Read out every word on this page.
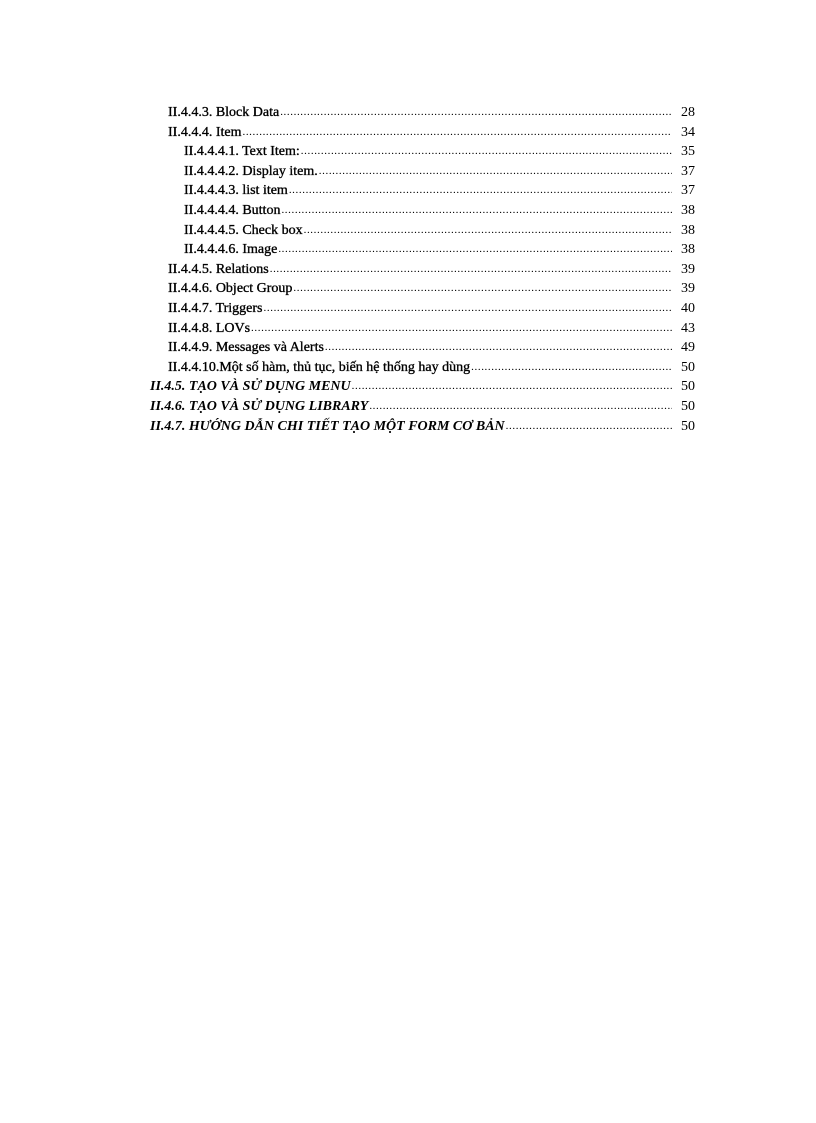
II.4.4.3. Block Data .....	28
II.4.4.4. Item .....	34
II.4.4.4.1. Text Item: .....	35
II.4.4.4.2. Display item. .....	37
II.4.4.4.3. list item .....	37
II.4.4.4.4. Button .....	38
II.4.4.4.5. Check box .....	38
II.4.4.4.6. Image .....	38
II.4.4.5. Relations .....	39
II.4.4.6. Object Group .....	39
II.4.4.7. Triggers .....	40
II.4.4.8. LOVs .....	43
II.4.4.9. Messages và Alerts .....	49
II.4.4.10.Một số hàm, thủ tục, biến hệ thống hay dùng .....	50
II.4.5. TẠO VÀ SỬ DỤNG MENU .....	50
II.4.6. TẠO VÀ SỬ DỤNG LIBRARY .....	50
II.4.7. HƯỚNG DẪN CHI TIẾT TẠO MỘT FORM CƠ BẢN .....	50
